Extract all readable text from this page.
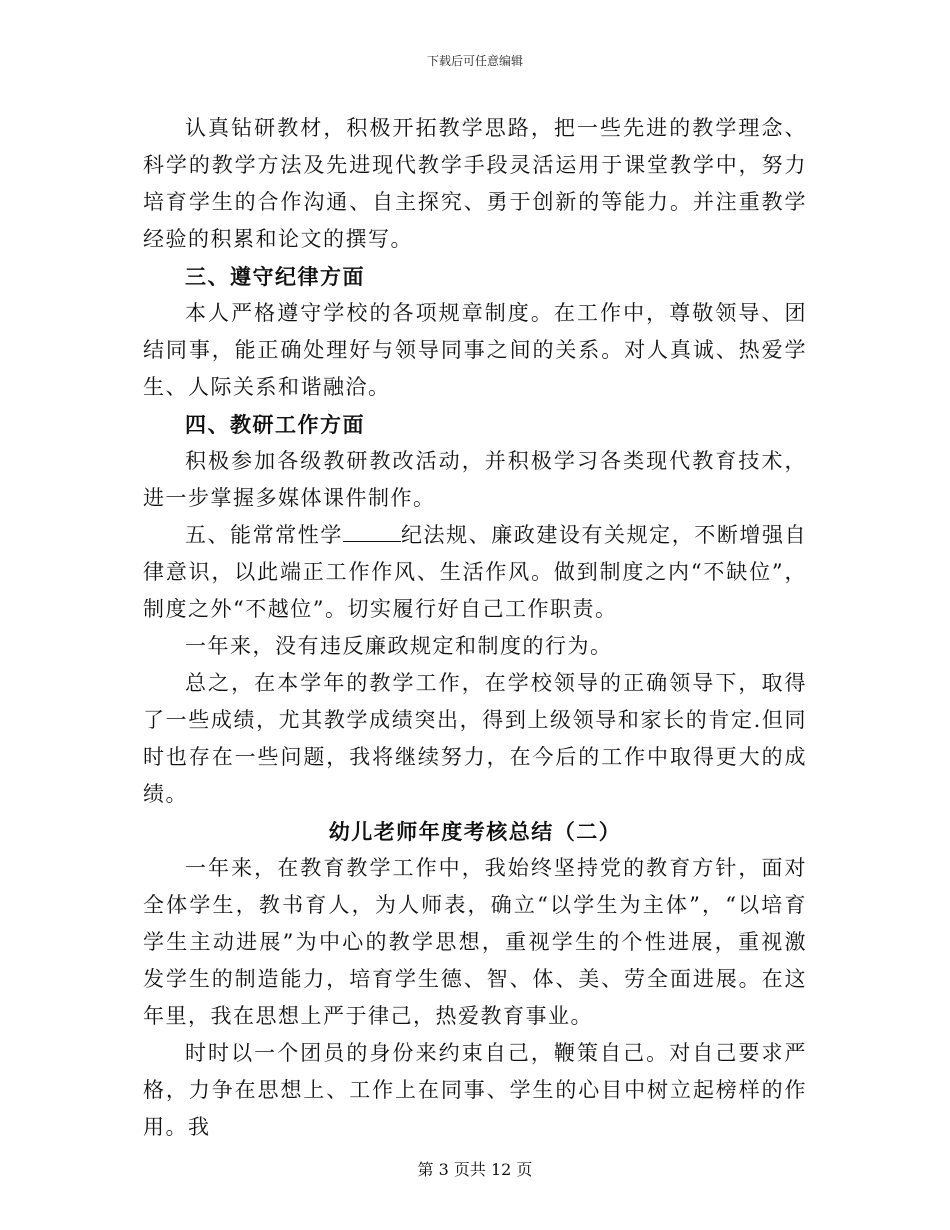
下载后可任意编辑

认真钻研教材，积极开拓教学思路，把一些先进的教学理念、科学的教学方法及先进现代教学手段灵活运用于课堂教学中，努力培育学生的合作沟通、自主探究、勇于创新的等能力。并注重教学经验的积累和论文的撰写。

三、遵守纪律方面

本人严格遵守学校的各项规章制度。在工作中，尊敬领导、团结同事，能正确处理好与领导同事之间的关系。对人真诚、热爱学生、人际关系和谐融洽。

四、教研工作方面

积极参加各级教研教改活动，并积极学习各类现代教育技术，进一步掌握多媒体课件制作。

五、能常常性学	纪法规、廉政建设有关规定，不断增强自律意识，以此端正工作作风、生活作风。做到制度之内“不缺位”，制度之外“不越位”。切实履行好自己工作职责。

一年来，没有违反廉政规定和制度的行为。

总之，在本学年的教学工作，在学校领导的正确领导下，取得了一些成绩，尤其教学成绩突出，得到上级领导和家长的肯定.但同时也存在一些问题，我将继续努力，在今后的工作中取得更大的成绩。

幼儿老师年度考核总结（二）

一年来，在教育教学工作中，我始终坚持党的教育方针，面对全体学生，教书育人，为人师表，确立“以学生为主体”，“以培育学生主动进展”为中心的教学思想，重视学生的个性进展，重视激发学生的制造能力，培育学生德、智、体、美、劳全面进展。在这年里，我在思想上严于律己，热爱教育事业。

时时以一个团员的身份来约束自己，鞭策自己。对自己要求严格，力争在思想上、工作上在同事、学生的心目中树立起榜样的作用。我

第 3 页共 12 页
